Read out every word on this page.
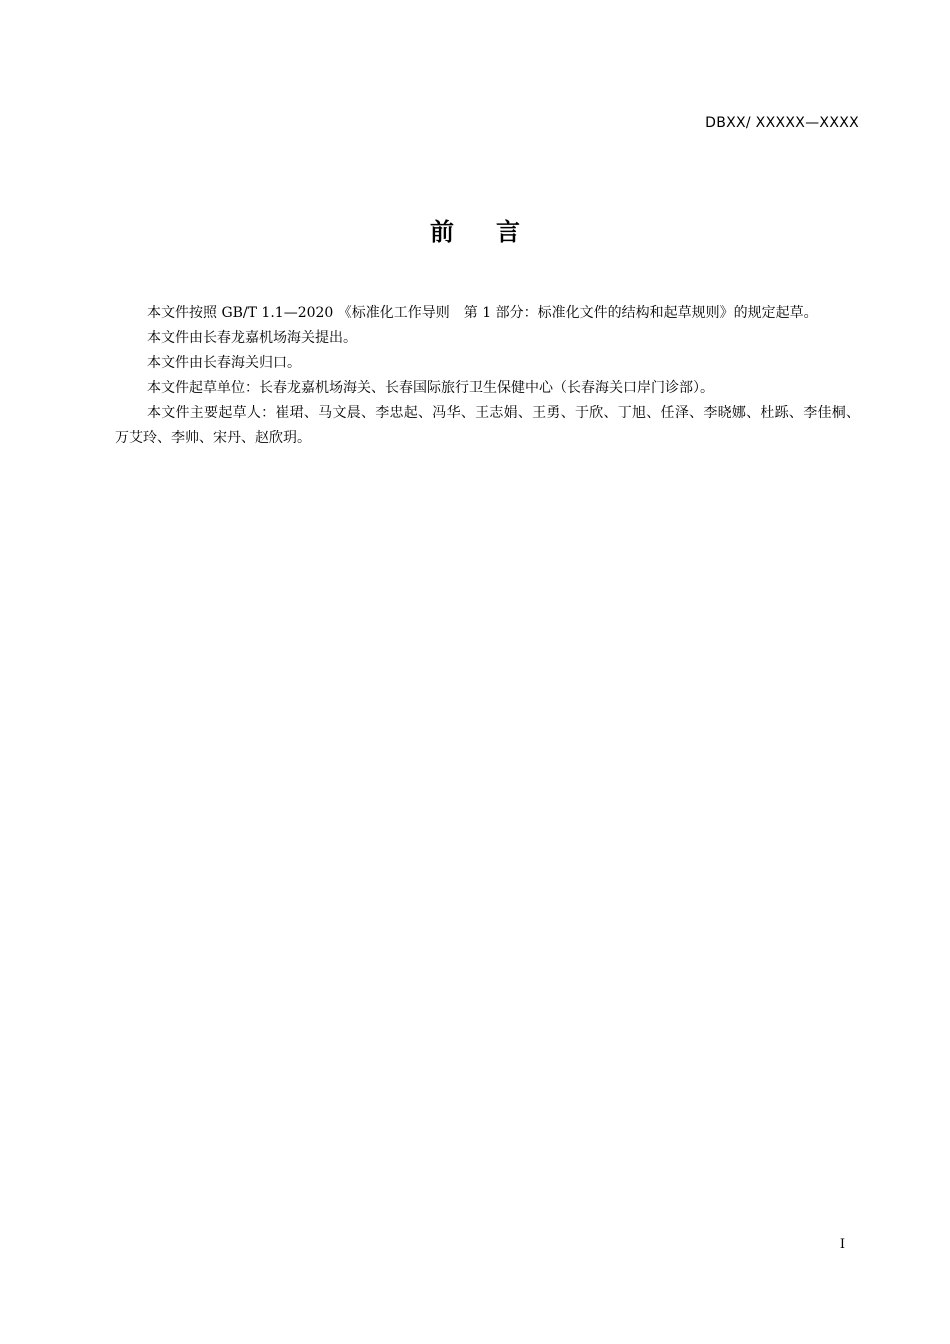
DBXX/ XXXXX—XXXX
前言

本文件按照 GB/T 1.1—2020 《标准化工作导则　第 1 部分：标准化文件的结构和起草规则》的规定起草。

本文件由长春龙嘉机场海关提出。

本文件由长春海关归口。

本文件起草单位：长春龙嘉机场海关、长春国际旅行卫生保健中心（长春海关口岸门诊部）。

本文件主要起草人：崔珺、马文晨、李忠起、冯华、王志娟、王勇、于欣、丁旭、任泽、李晓娜、杜跞、李佳桐、万艾玲、李帅、宋丹、赵欣玥。

I
